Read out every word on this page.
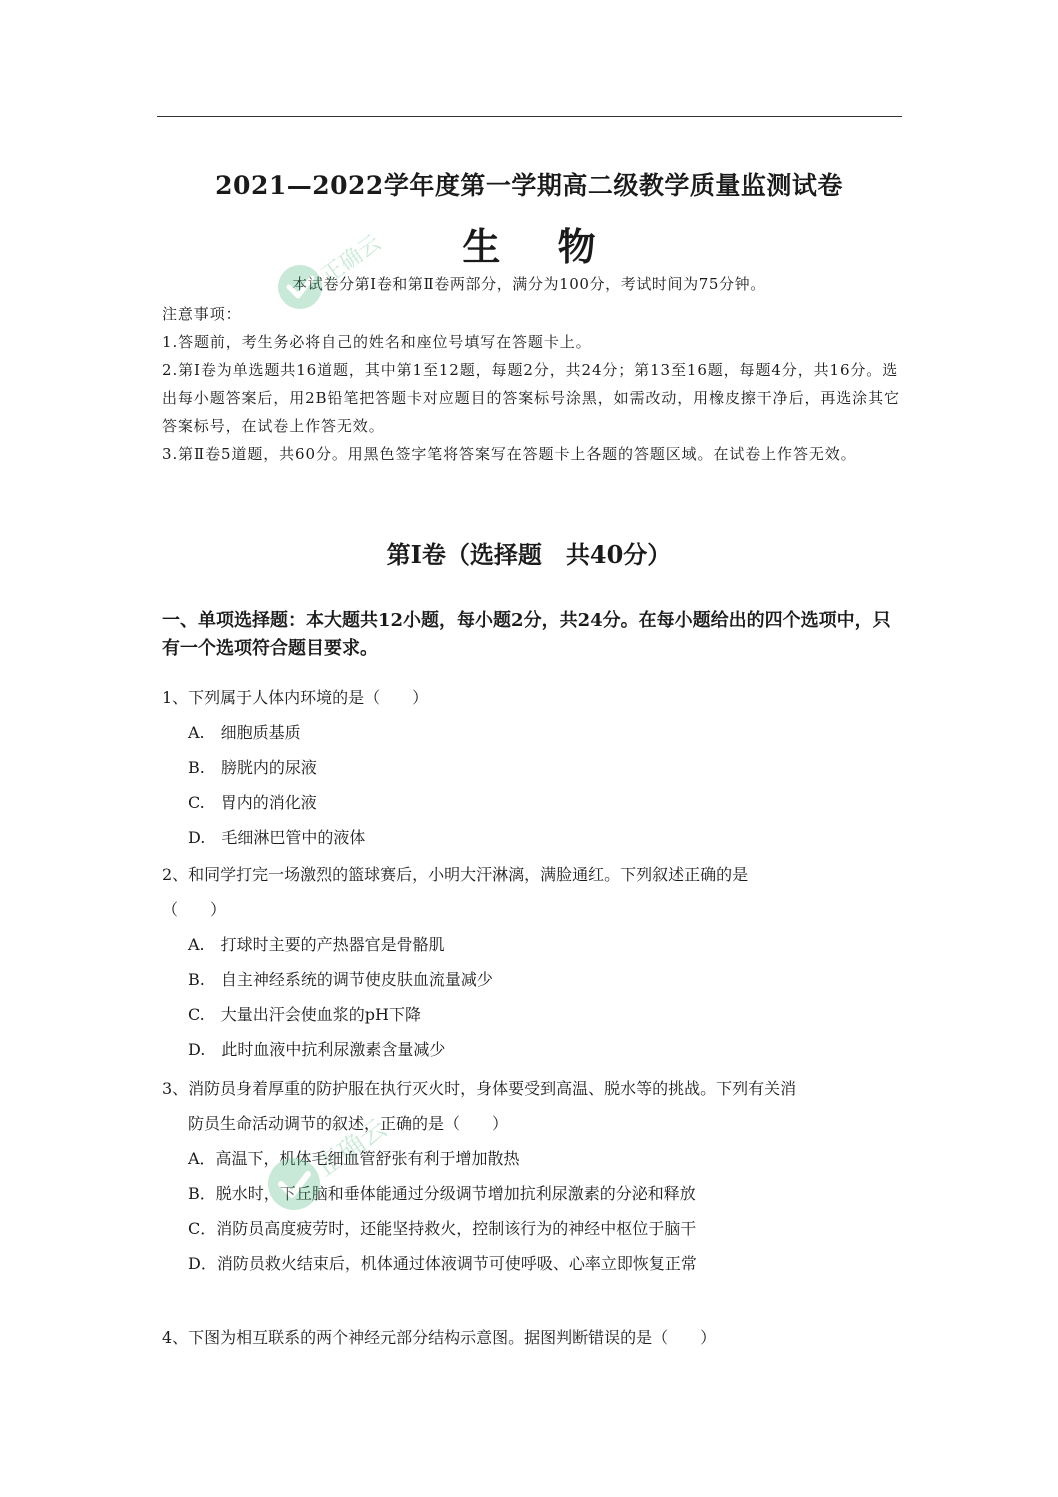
2021—2022学年度第一学期高二级教学质量监测试卷
生 物
本试卷分第Ⅰ卷和第Ⅱ卷两部分，满分为100分，考试时间为75分钟。
注意事项：
1.答题前，考生务必将自己的姓名和座位号填写在答题卡上。
2.第Ⅰ卷为单选题共16道题，其中第1至12题，每题2分，共24分；第13至16题，每题4分，共16分。选出每小题答案后，用2B铅笔把答题卡对应题目的答案标号涂黑，如需改动，用橡皮擦干净后，再选涂其它答案标号，在试卷上作答无效。
3.第Ⅱ卷5道题，共60分。用黑色签字笔将答案写在答题卡上各题的答题区域。在试卷上作答无效。
第Ⅰ卷（选择题 共40分）
一、单项选择题：本大题共12小题，每小题2分，共24分。在每小题给出的四个选项中，只有一个选项符合题目要求。
1、下列属于人体内环境的是（　　）
A.　细胞质基质
B.　膀胱内的尿液
C.　胃内的消化液
D.　毛细淋巴管中的液体
2、和同学打完一场激烈的篮球赛后，小明大汗淋漓，满脸通红。下列叙述正确的是
（　　）
A.　打球时主要的产热器官是骨骼肌
B.　自主神经系统的调节使皮肤血流量减少
C.　大量出汗会使血浆的pH下降
D.　此时血液中抗利尿激素含量减少
3、消防员身着厚重的防护服在执行灭火时，身体要受到高温、脱水等的挑战。下列有关消
防员生命活动调节的叙述，正确的是（　　）
A．高温下，机体毛细血管舒张有利于增加散热
B．脱水时，下丘脑和垂体能通过分级调节增加抗利尿激素的分泌和释放
C．消防员高度疲劳时，还能坚持救火，控制该行为的神经中枢位于脑干
D．消防员救火结束后，机体通过体液调节可使呼吸、心率立即恢复正常
4、下图为相互联系的两个神经元部分结构示意图。据图判断错误的是（　　）
正确云
正确云
